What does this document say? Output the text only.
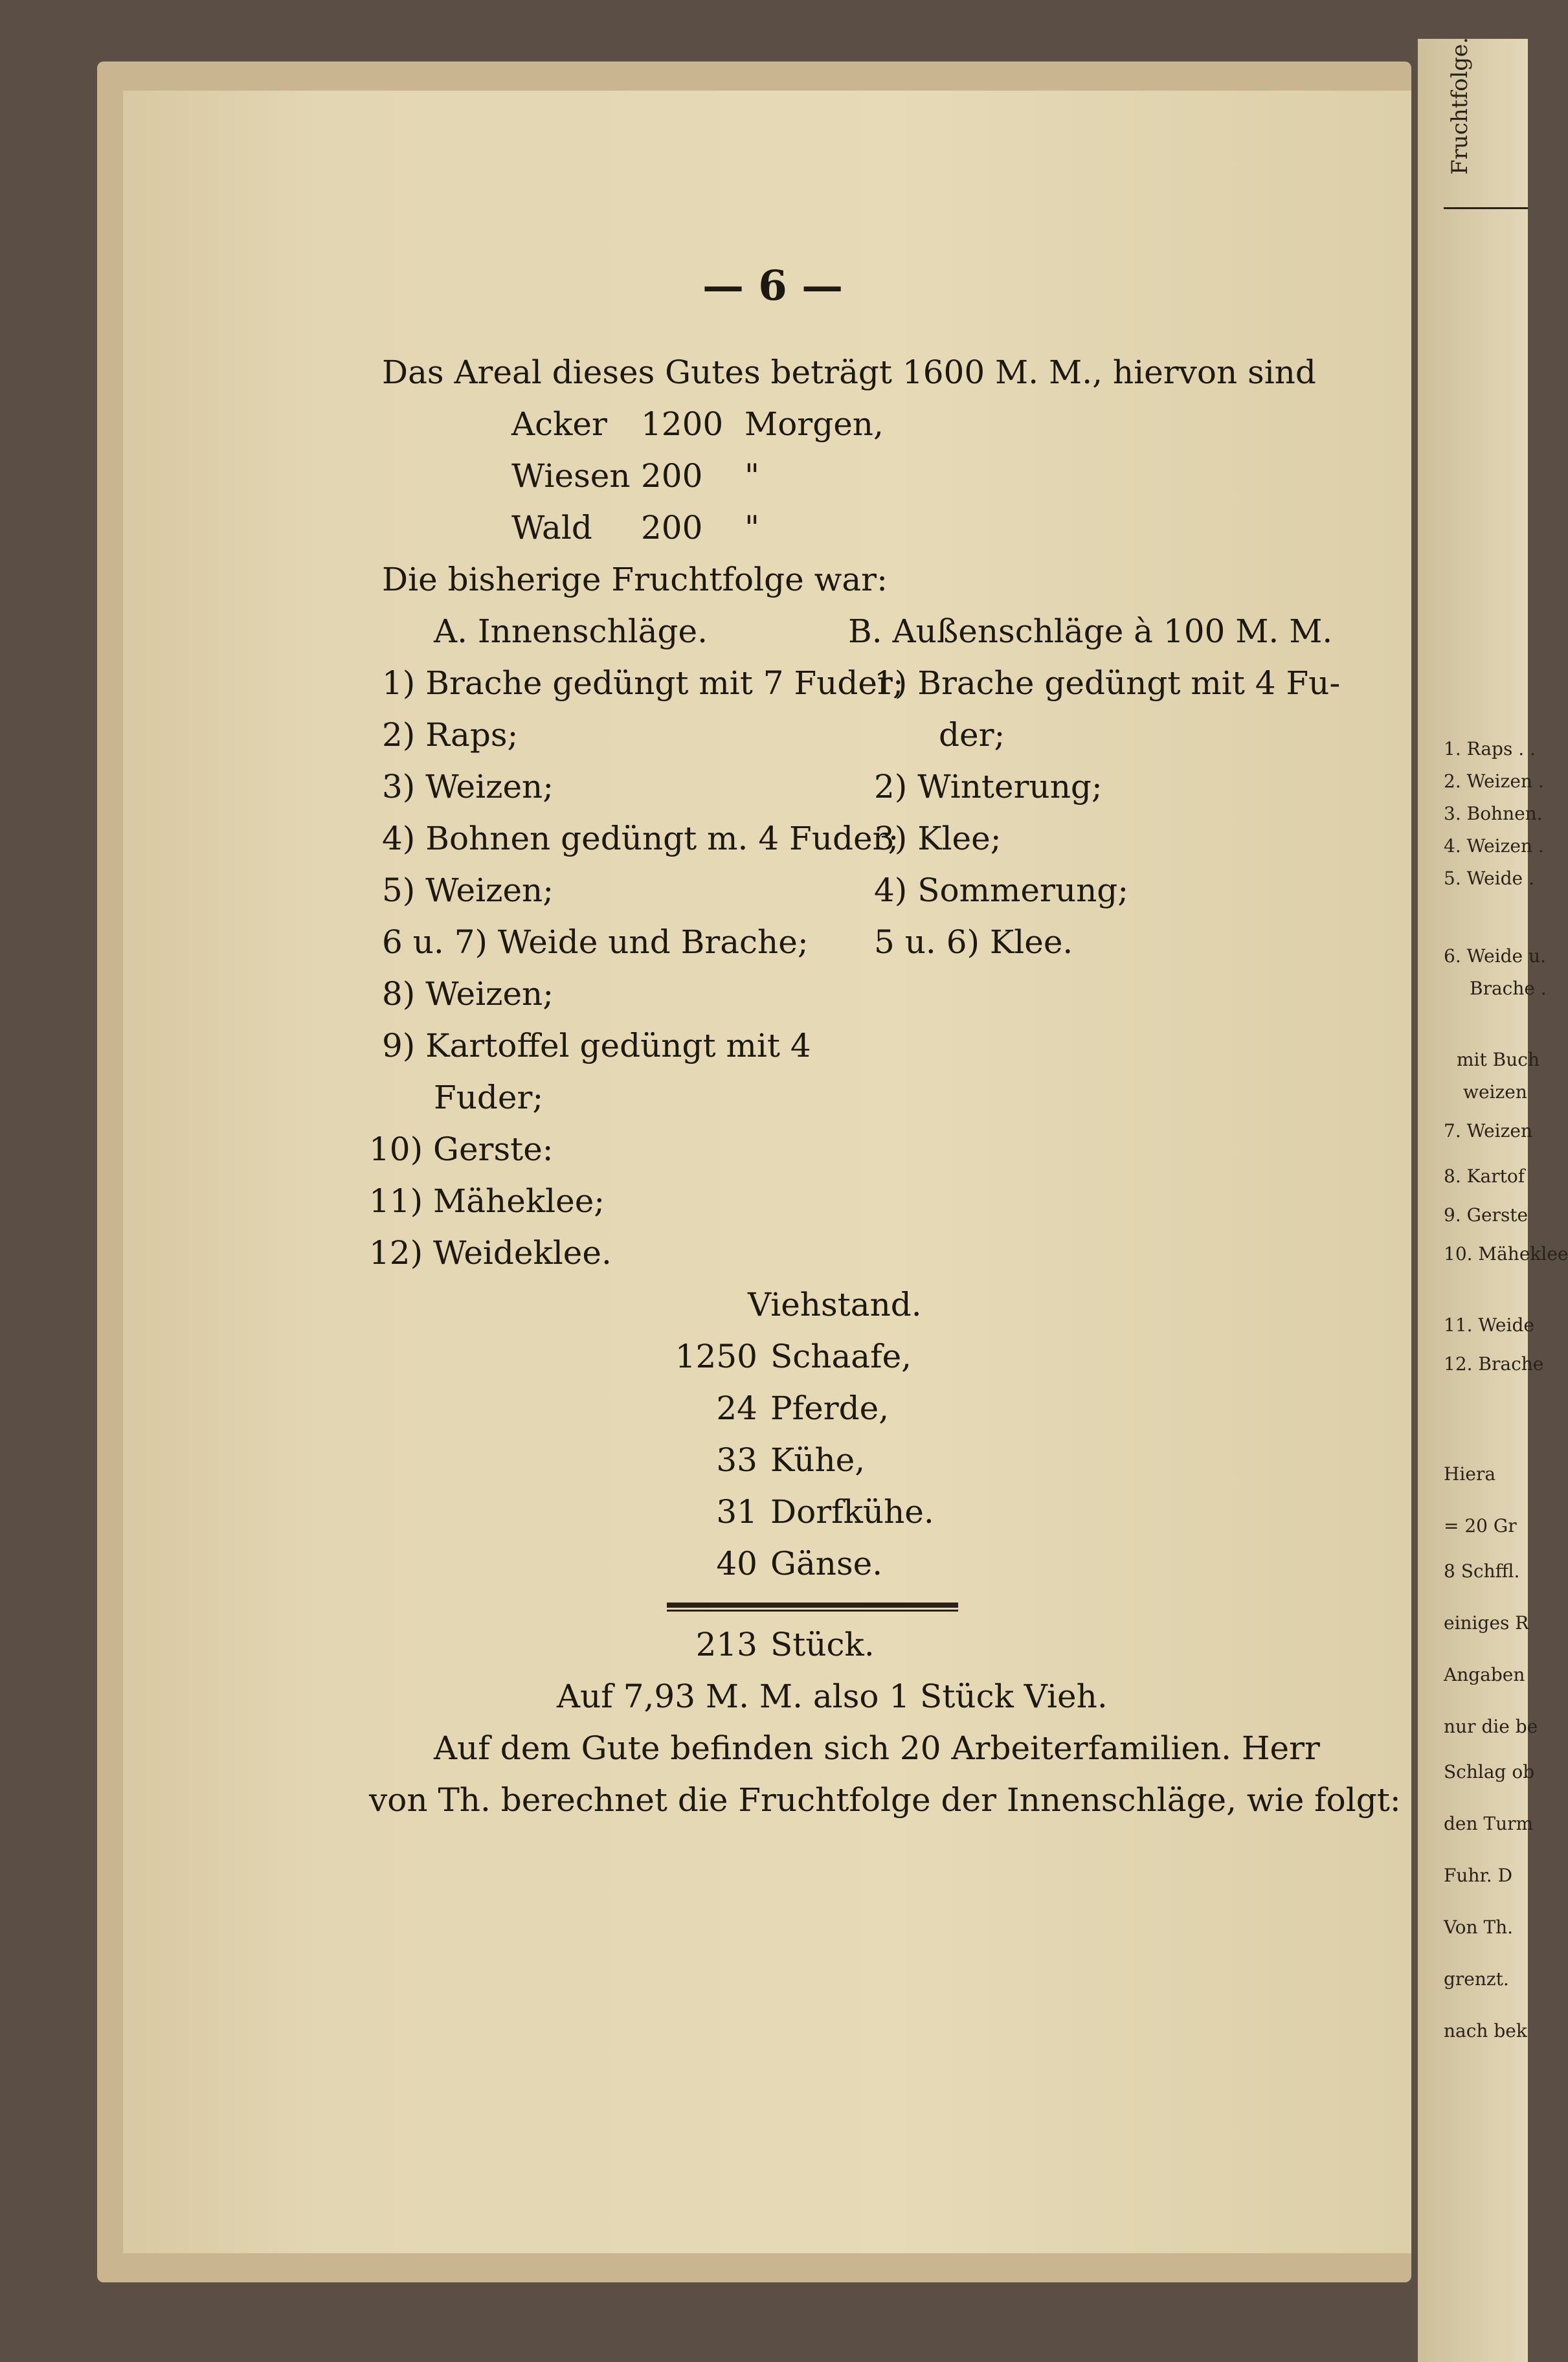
— 6 —
Das Areal dieses Gutes beträgt 1600 M. M., hiervon sind
Acker 1200 Morgen,
Wiesen 200 "
Wald 200 "
Die bisherige Fruchtfolge war:
A. Innenschläge.	B. Außenschläge à 100 M. M.
1) Brache gedüngt mit 7 Fuder;
2) Raps;
3) Weizen;
4) Bohnen gedüngt m. 4 Fuder;
5) Weizen;
6 u. 7) Weide und Brache;
8) Weizen;
9) Kartoffel gedüngt mit 4
Fuder;
10) Gerste:
11) Mäheklee;
12) Weideklee.
1) Brache gedüngt mit 4 Fu-
der;
2) Winterung;
3) Klee;
4) Sommerung;
5 u. 6) Klee.
Viehstand.
1250 Schaafe,
24 Pferde,
33 Kühe,
31 Dorfkühe.
40 Gänse.
213 Stück.
Auf 7,93 M. M. also 1 Stück Vieh.
Auf dem Gute befinden sich 20 Arbeiterfamilien. Herr
von Th. berechnet die Fruchtfolge der Innenschläge, wie folgt:
Fruchtfolge.
1. Raps . .
2. Weizen .
3. Bohnen.
4. Weizen .
5. Weide .
6. Weide u.
Brache .
mit Buch
weizen
7. Weizen
8. Kartof
9. Gerste
10. Mäheklee
11. Weide
12. Brache
Hiera
= 20 Gr
8 Schffl.
einiges R
Angaben
nur die be
Schlag ob
den Turm
Fuhr. D
Von Th.
grenzt.
nach bek
